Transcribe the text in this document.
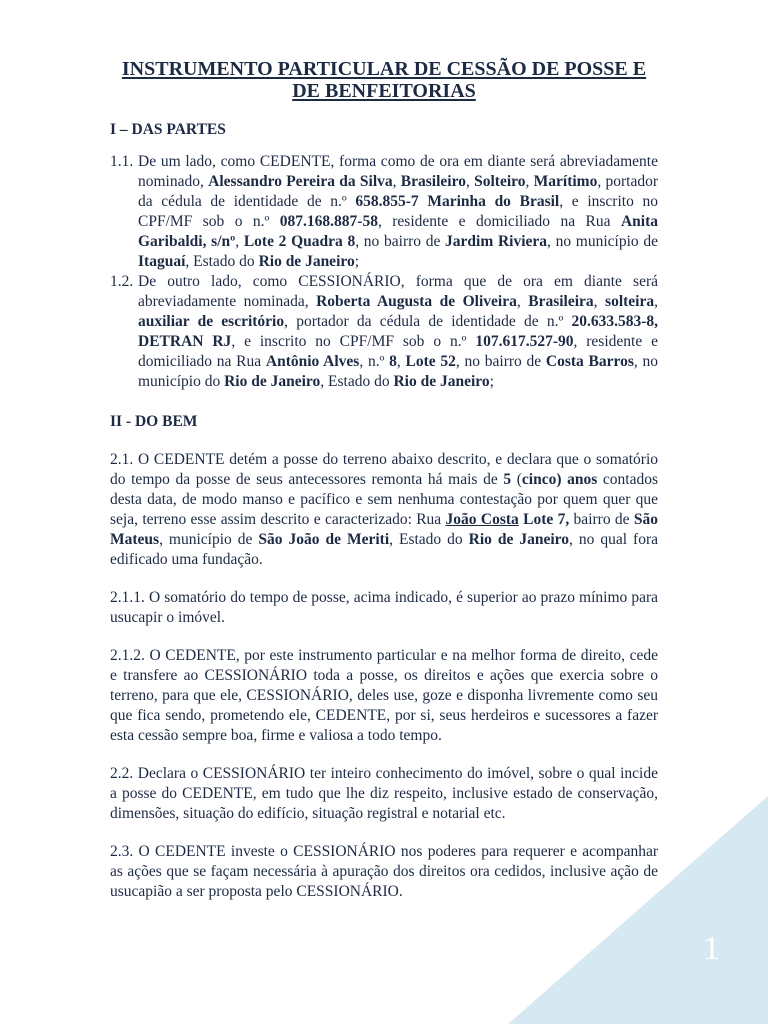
1
INSTRUMENTO PARTICULAR DE CESSÃO DE POSSE E
DE BENFEITORIAS

I – DAS PARTES

1.1. De um lado, como CEDENTE, forma como de ora em diante será abreviadamente nominado, Alessandro Pereira da Silva, Brasileiro, Solteiro, Marítimo, portador da cédula de identidade de n.º 658.855-7 Marinha do Brasil, e inscrito no CPF/MF sob o n.º 087.168.887-58, residente e domiciliado na Rua Anita Garibaldi, s/nº, Lote 2 Quadra 8, no bairro de Jardim Riviera, no município de Itaguaí, Estado do Rio de Janeiro;
1.2. De outro lado, como CESSIONÁRIO, forma que de ora em diante será abreviadamente nominada, Roberta Augusta de Oliveira, Brasileira, solteira, auxiliar de escritório, portador da cédula de identidade de n.º 20.633.583-8, DETRAN RJ, e inscrito no CPF/MF sob o n.º 107.617.527-90, residente e domiciliado na Rua Antônio Alves, n.º 8, Lote 52, no bairro de Costa Barros, no município do Rio de Janeiro, Estado do Rio de Janeiro;

II - DO BEM

2.1. O CEDENTE detém a posse do terreno abaixo descrito, e declara que o somatório do tempo da posse de seus antecessores remonta há mais de 5 (cinco) anos contados desta data, de modo manso e pacífico e sem nenhuma contestação por quem quer que seja, terreno esse assim descrito e caracterizado: Rua João Costa Lote 7, bairro de São Mateus, município de São João de Meriti, Estado do Rio de Janeiro, no qual fora edificado uma fundação.

2.1.1. O somatório do tempo de posse, acima indicado, é superior ao prazo mínimo para usucapir o imóvel.

2.1.2. O CEDENTE, por este instrumento particular e na melhor forma de direito, cede e transfere ao CESSIONÁRIO toda a posse, os direitos e ações que exercia sobre o terreno, para que ele, CESSIONÁRIO, deles use, goze e disponha livremente como seu que fica sendo, prometendo ele, CEDENTE, por si, seus herdeiros e sucessores a fazer esta cessão sempre boa, firme e valiosa a todo tempo.

2.2. Declara o CESSIONÁRIO ter inteiro conhecimento do imóvel, sobre o qual incide a posse do CEDENTE, em tudo que lhe diz respeito, inclusive estado de conservação, dimensões, situação do edifício, situação registral e notarial etc.

2.3. O CEDENTE investe o CESSIONÁRIO nos poderes para requerer e acompanhar as ações que se façam necessária à apuração dos direitos ora cedidos, inclusive ação de usucapião a ser proposta pelo CESSIONÁRIO.
